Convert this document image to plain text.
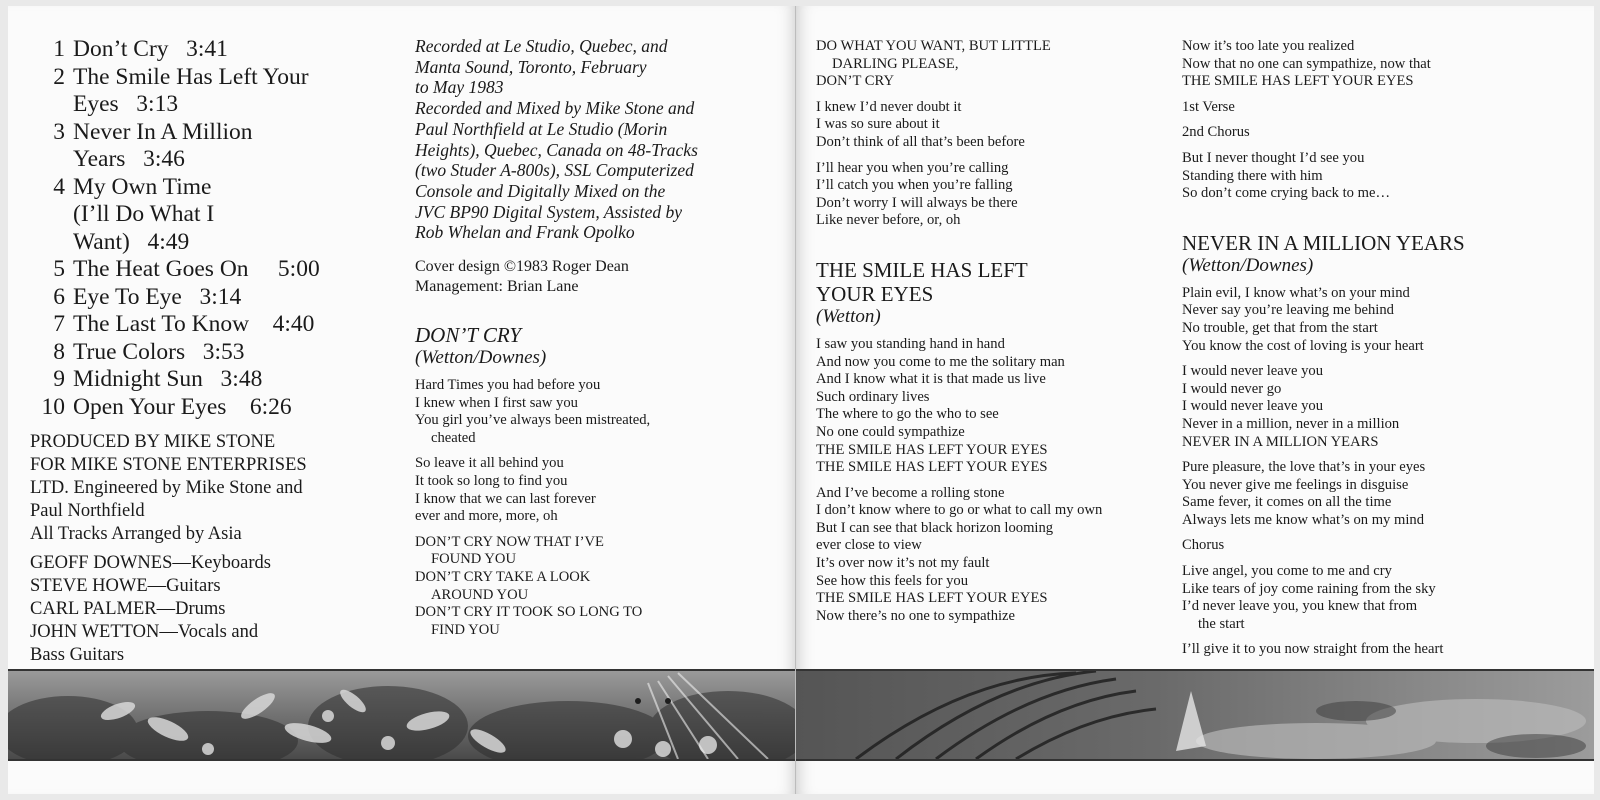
1 Don’t Cry   3:41
2 The Smile Has Left Your
Eyes   3:13
3 Never In A Million
Years   3:46
4 My Own Time
(I’ll Do What I
Want)   4:49
5 The Heat Goes On     5:00
6 Eye To Eye   3:14
7 The Last To Know    4:40
8 True Colors   3:53
9 Midnight Sun   3:48
10 Open Your Eyes    6:26

PRODUCED BY MIKE STONE
FOR MIKE STONE ENTERPRISES
LTD. Engineered by Mike Stone and
Paul Northfield
All Tracks Arranged by Asia

GEOFF DOWNES—Keyboards
STEVE HOWE—Guitars
CARL PALMER—Drums
JOHN WETTON—Vocals and
Bass Guitars

Recorded at Le Studio, Quebec, and
Manta Sound, Toronto, February
to May 1983
Recorded and Mixed by Mike Stone and
Paul Northfield at Le Studio (Morin
Heights), Quebec, Canada on 48-Tracks
(two Studer A-800s), SSL Computerized
Console and Digitally Mixed on the
JVC BP90 Digital System, Assisted by
Rob Whelan and Frank Opolko
Cover design ©1983 Roger Dean
Management: Brian Lane
DON’T CRY
(Wetton/Downes)
Hard Times you had before you
I knew when I first saw you
You girl you’ve always been mistreated,
cheated
So leave it all behind you
It took so long to find you
I know that we can last forever
ever and more, more, oh
DON’T CRY NOW THAT I’VE
FOUND YOU
DON’T CRY TAKE A LOOK
AROUND YOU
DON’T CRY IT TOOK SO LONG TO
FIND YOU
DO WHAT YOU WANT, BUT LITTLE
DARLING PLEASE,
DON’T CRY
I knew I’d never doubt it
I was so sure about it
Don’t think of all that’s been before
I’ll hear you when you’re calling
I’ll catch you when you’re falling
Don’t worry I will always be there
Like never before, or, oh
THE SMILE HAS LEFT
YOUR EYES
(Wetton)
I saw you standing hand in hand
And now you come to me the solitary man
And I know what it is that made us live
Such ordinary lives
The where to go the who to see
No one could sympathize
THE SMILE HAS LEFT YOUR EYES
THE SMILE HAS LEFT YOUR EYES
And I’ve become a rolling stone
I don’t know where to go or what to call my own
But I can see that black horizon looming
ever close to view
It’s over now it’s not my fault
See how this feels for you
THE SMILE HAS LEFT YOUR EYES
Now there’s no one to sympathize
Now it’s too late you realized
Now that no one can sympathize, now that
THE SMILE HAS LEFT YOUR EYES
1st Verse
2nd Chorus
But I never thought I’d see you
Standing there with him
So don’t come crying back to me…
NEVER IN A MILLION YEARS
(Wetton/Downes)
Plain evil, I know what’s on your mind
Never say you’re leaving me behind
No trouble, get that from the start
You know the cost of loving is your heart
I would never leave you
I would never go
I would never leave you
Never in a million, never in a million
NEVER IN A MILLION YEARS
Pure pleasure, the love that’s in your eyes
You never give me feelings in disguise
Same fever, it comes on all the time
Always lets me know what’s on my mind
Chorus
Live angel, you come to me and cry
Like tears of joy come raining from the sky
I’d never leave you, you knew that from
the start
I’ll give it to you now straight from the heart
